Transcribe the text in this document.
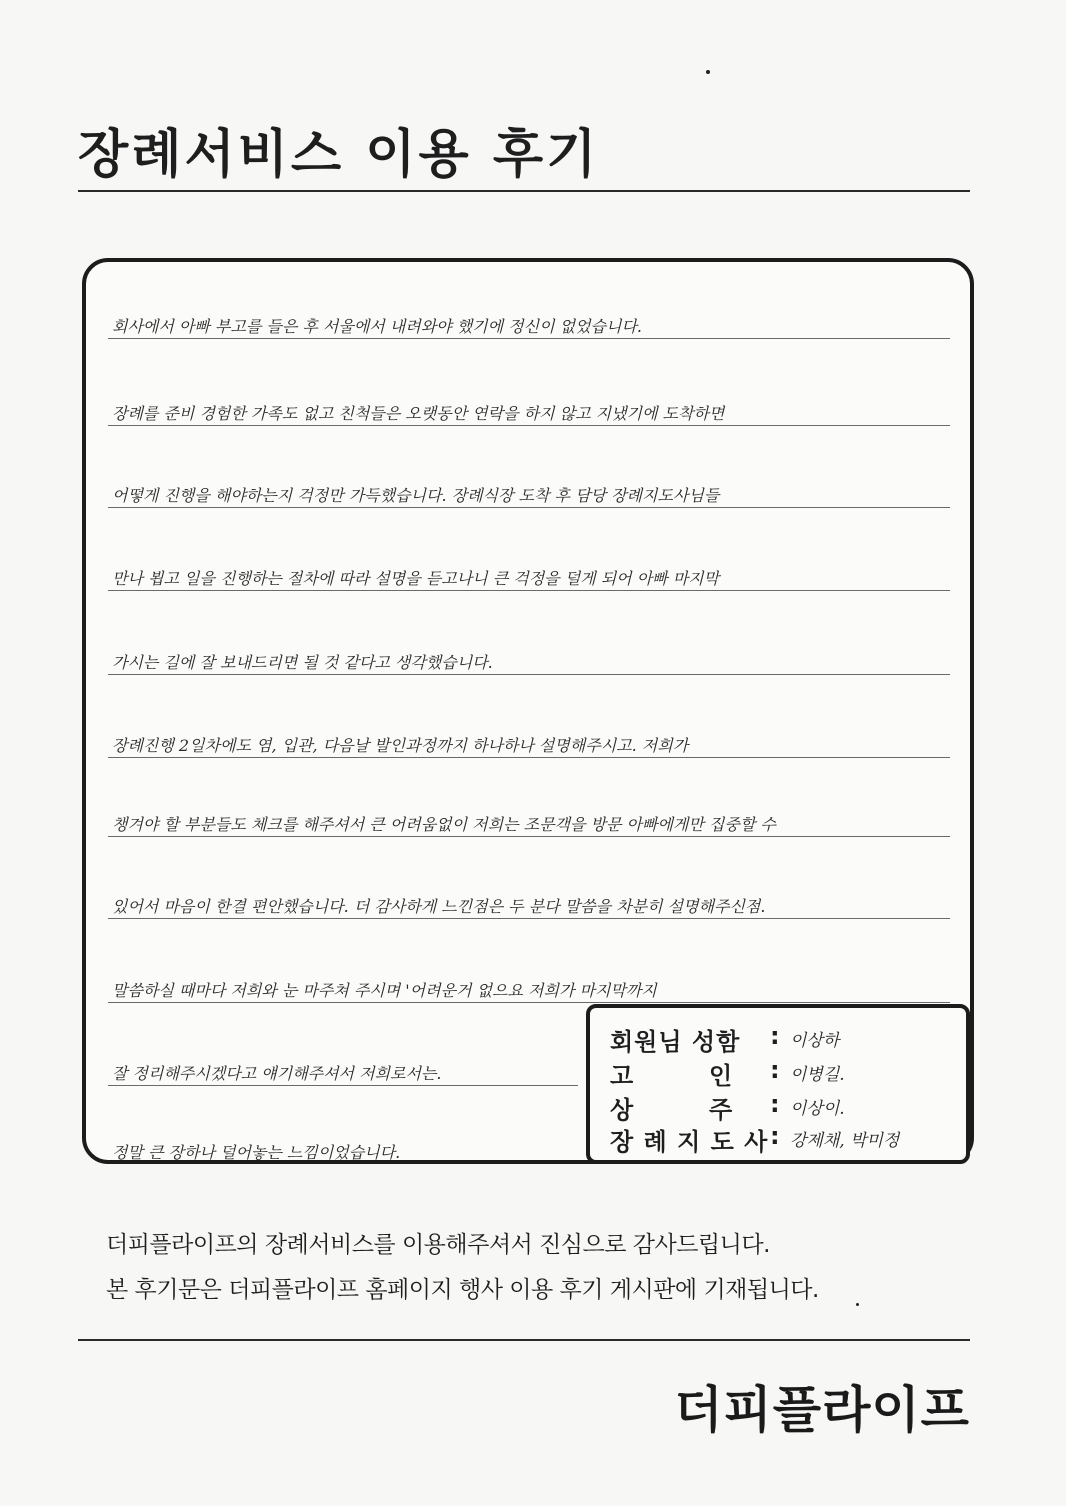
장례서비스 이용 후기
회사에서 아빠 부고를 들은 후 서울에서 내려와야 했기에 정신이 없었습니다.
장례를 준비 경험한 가족도 없고 친척들은 오랫동안 연락을 하지 않고 지냈기에 도착하면
어떻게 진행을 해야하는지 걱정만 가득했습니다. 장례식장 도착 후 담당 장례지도사님들
만나 뵙고 일을 진행하는 절차에 따라 설명을 듣고나니 큰 걱정을 덜게 되어 아빠 마지막
가시는 길에 잘 보내드리면 될 것 같다고 생각했습니다.
장례진행 2일차에도 염, 입관, 다음날 발인과정까지 하나하나 설명해주시고. 저희가
챙겨야 할 부분들도 체크를 해주셔서 큰 어려움없이 저희는 조문객을 방문 아빠에게만 집중할 수
있어서 마음이 한결 편안했습니다. 더 감사하게 느낀점은 두 분다 말씀을 차분히 설명해주신점.
말씀하실 때마다 저희와 눈 마주쳐 주시며 '어려운거 없으요 저희가 마지막까지
잘 정리해주시겠다고 얘기해주셔서 저희로서는.
정말 큰 장하나 덜어놓는 느낌이었습니다.
회원님 성함	: 이상하
고        인	: 이병길.
상        주	: 이상이.
장 례 지 도 사 : 강제채, 박미정
더피플라이프의 장례서비스를 이용해주셔서 진심으로 감사드립니다.
본 후기문은 더피플라이프 홈페이지 행사 이용 후기 게시판에 기재됩니다.
더피플라이프
